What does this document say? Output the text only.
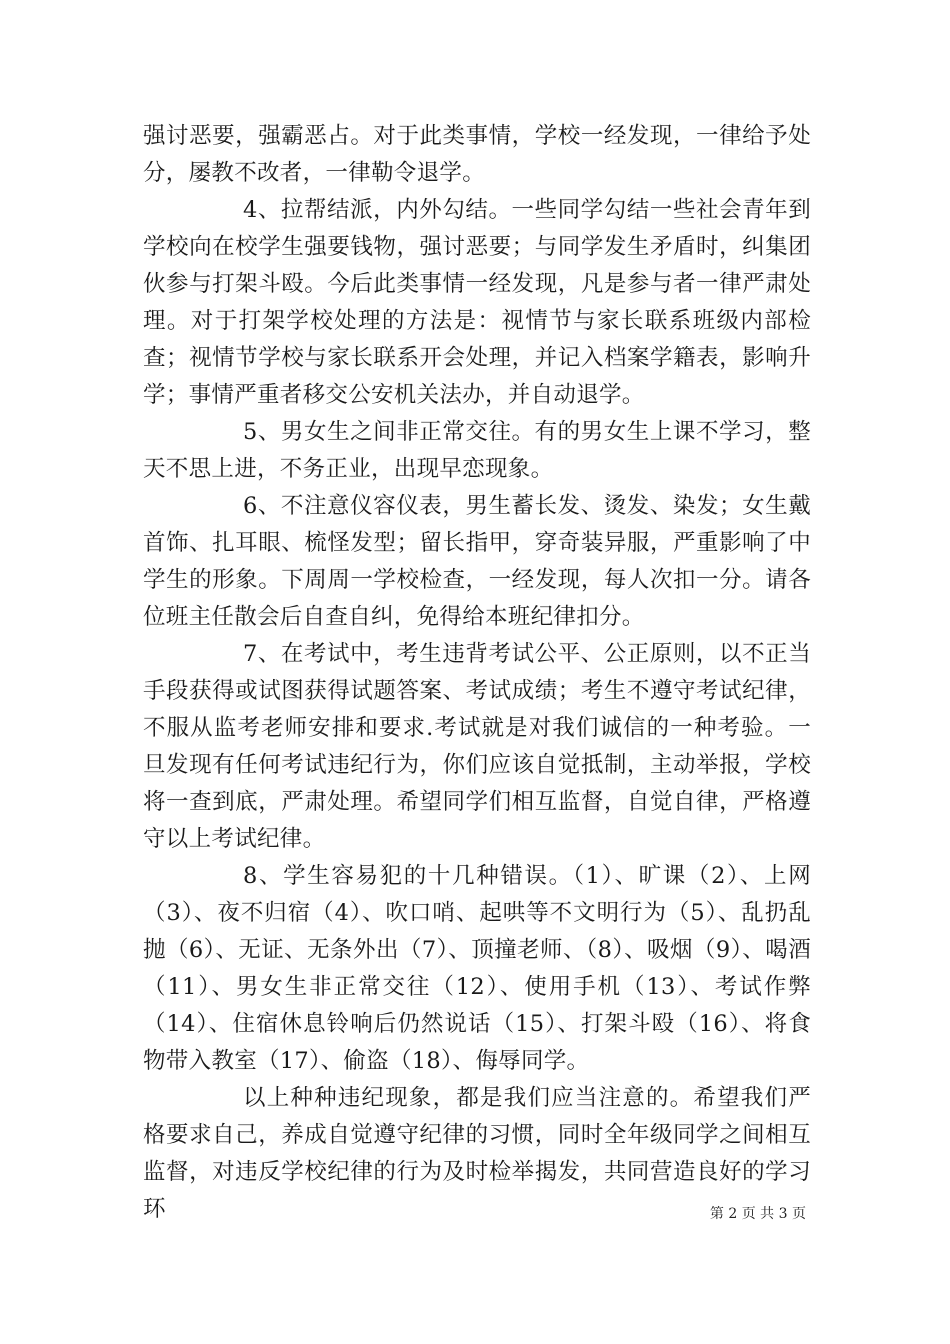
强讨恶要，强霸恶占。对于此类事情，学校一经发现，一律给予处分，屡教不改者，一律勒令退学。

4、拉帮结派，内外勾结。一些同学勾结一些社会青年到学校向在校学生强要钱物，强讨恶要；与同学发生矛盾时，纠集团伙参与打架斗殴。今后此类事情一经发现，凡是参与者一律严肃处理。对于打架学校处理的方法是：视情节与家长联系班级内部检查；视情节学校与家长联系开会处理，并记入档案学籍表，影响升学；事情严重者移交公安机关法办，并自动退学。

5、男女生之间非正常交往。有的男女生上课不学习，整天不思上进，不务正业，出现早恋现象。

6、不注意仪容仪表，男生蓄长发、烫发、染发；女生戴首饰、扎耳眼、梳怪发型；留长指甲，穿奇装异服，严重影响了中学生的形象。下周周一学校检查，一经发现，每人次扣一分。请各位班主任散会后自查自纠，免得给本班纪律扣分。

7、在考试中，考生违背考试公平、公正原则，以不正当手段获得或试图获得试题答案、考试成绩；考生不遵守考试纪律，不服从监考老师安排和要求.考试就是对我们诚信的一种考验。一旦发现有任何考试违纪行为，你们应该自觉抵制，主动举报，学校将一查到底，严肃处理。希望同学们相互监督，自觉自律，严格遵守以上考试纪律。

8、学生容易犯的十几种错误。（1）、旷课（2）、上网（3）、夜不归宿（4）、吹口哨、起哄等不文明行为（5）、乱扔乱抛（6）、无证、无条外出（7）、顶撞老师、（8）、吸烟（9）、喝酒（11）、男女生非正常交往（12）、使用手机（13）、考试作弊（14）、住宿休息铃响后仍然说话（15）、打架斗殴（16）、将食物带入教室（17）、偷盗（18）、侮辱同学。

以上种种违纪现象，都是我们应当注意的。希望我们严格要求自己，养成自觉遵守纪律的习惯，同时全年级同学之间相互监督，对违反学校纪律的行为及时检举揭发，共同营造良好的学习环	第 2 页 共 3 页
